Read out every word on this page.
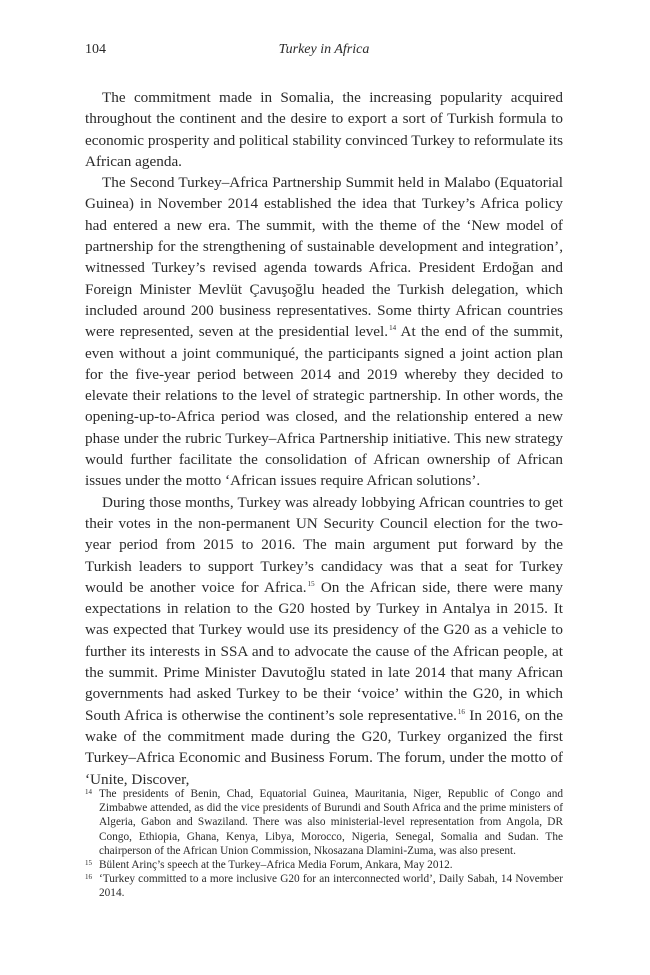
104	Turkey in Africa

The commitment made in Somalia, the increasing popularity acquired throughout the continent and the desire to export a sort of Turkish formula to economic prosperity and political stability convinced Turkey to reformulate its African agenda.

The Second Turkey–Africa Partnership Summit held in Malabo (Equatorial Guinea) in November 2014 established the idea that Turkey’s Africa policy had entered a new era. The summit, with the theme of the ‘New model of partnership for the strengthening of sustainable development and integration’, witnessed Turkey’s revised agenda towards Africa. President Erdoğan and Foreign Minister Mevlüt Çavuşoğlu headed the Turkish delegation, which included around 200 business representatives. Some thirty African countries were represented, seven at the presidential level.$^{14}$ At the end of the summit, even without a joint communiqué, the participants signed a joint action plan for the five-year period between 2014 and 2019 whereby they decided to elevate their relations to the level of strategic partnership. In other words, the opening-up-to-Africa period was closed, and the relationship entered a new phase under the rubric Turkey–Africa Partnership initiative. This new strategy would further facilitate the consolidation of African ownership of African issues under the motto ‘African issues require African solutions’.

During those months, Turkey was already lobbying African countries to get their votes in the non-permanent UN Security Council election for the two-year period from 2015 to 2016. The main argument put forward by the Turkish leaders to support Turkey’s candidacy was that a seat for Turkey would be another voice for Africa.$^{15}$ On the African side, there were many expectations in relation to the G20 hosted by Turkey in Antalya in 2015. It was expected that Turkey would use its presidency of the G20 as a vehicle to further its interests in SSA and to advocate the cause of the African people, at the summit. Prime Minister Davutoğlu stated in late 2014 that many African governments had asked Turkey to be their ‘voice’ within the G20, in which South Africa is otherwise the continent’s sole representative.$^{16}$ In 2016, on the wake of the commitment made during the G20, Turkey organized the first Turkey–Africa Economic and Business Forum. The forum, under the motto of ‘Unite, Discover,

14 The presidents of Benin, Chad, Equatorial Guinea, Mauritania, Niger, Republic of Congo and Zimbabwe attended, as did the vice presidents of Burundi and South Africa and the prime ministers of Algeria, Gabon and Swaziland. There was also ministerial-level representation from Angola, DR Congo, Ethiopia, Ghana, Kenya, Libya, Morocco, Nigeria, Senegal, Somalia and Sudan. The chairperson of the African Union Commission, Nkosazana Dlamini-Zuma, was also present.
15 Bülent Arinç’s speech at the Turkey–Africa Media Forum, Ankara, May 2012.
16 ‘Turkey committed to a more inclusive G20 for an interconnected world’, Daily Sabah, 14 November 2014.
